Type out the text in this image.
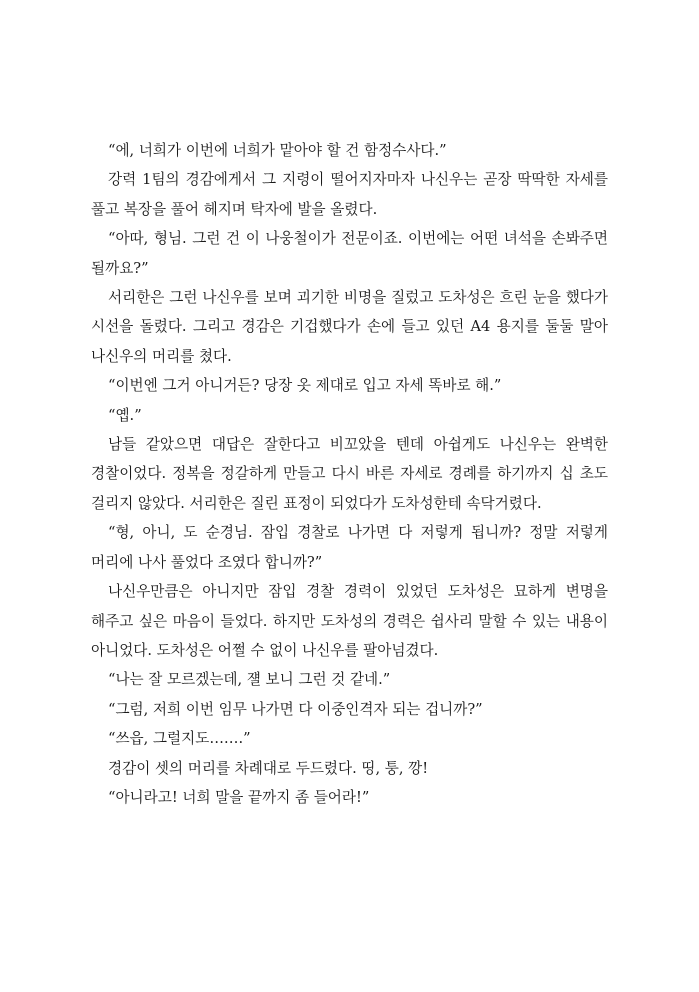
“에, 너희가 이번에 너희가 맡아야 할 건 함정수사다.”

강력 1팀의 경감에게서 그 지령이 떨어지자마자 나신우는 곧장 딱딱한 자세를 풀고 복장을 풀어 헤지며 탁자에 발을 올렸다.

“아따, 형님. 그런 건 이 나웅철이가 전문이죠. 이번에는 어떤 녀석을 손봐주면 될까요?”

서리한은 그런 나신우를 보며 괴기한 비명을 질렀고 도차성은 흐린 눈을 했다가 시선을 돌렸다. 그리고 경감은 기겁했다가 손에 들고 있던 A4 용지를 둘둘 말아 나신우의 머리를 쳤다.

“이번엔 그거 아니거든? 당장 옷 제대로 입고 자세 똑바로 해.”

“옙.”

남들 같았으면 대답은 잘한다고 비꼬았을 텐데 아쉽게도 나신우는 완벽한 경찰이었다. 정복을 정갈하게 만들고 다시 바른 자세로 경례를 하기까지 십 초도 걸리지 않았다. 서리한은 질린 표정이 되었다가 도차성한테 속닥거렸다.

“형, 아니, 도 순경님. 잠입 경찰로 나가면 다 저렇게 됩니까? 정말 저렇게 머리에 나사 풀었다 조였다 합니까?”

나신우만큼은 아니지만 잠입 경찰 경력이 있었던 도차성은 묘하게 변명을 해주고 싶은 마음이 들었다. 하지만 도차성의 경력은 쉽사리 말할 수 있는 내용이 아니었다. 도차성은 어쩔 수 없이 나신우를 팔아넘겼다.

“나는 잘 모르겠는데, 쟬 보니 그런 것 같네.”

“그럼, 저희 이번 임무 나가면 다 이중인격자 되는 겁니까?”

“쓰읍, 그럴지도…….”

경감이 셋의 머리를 차례대로 두드렸다. 띵, 퉁, 깡!

“아니라고! 너희 말을 끝까지 좀 들어라!”
